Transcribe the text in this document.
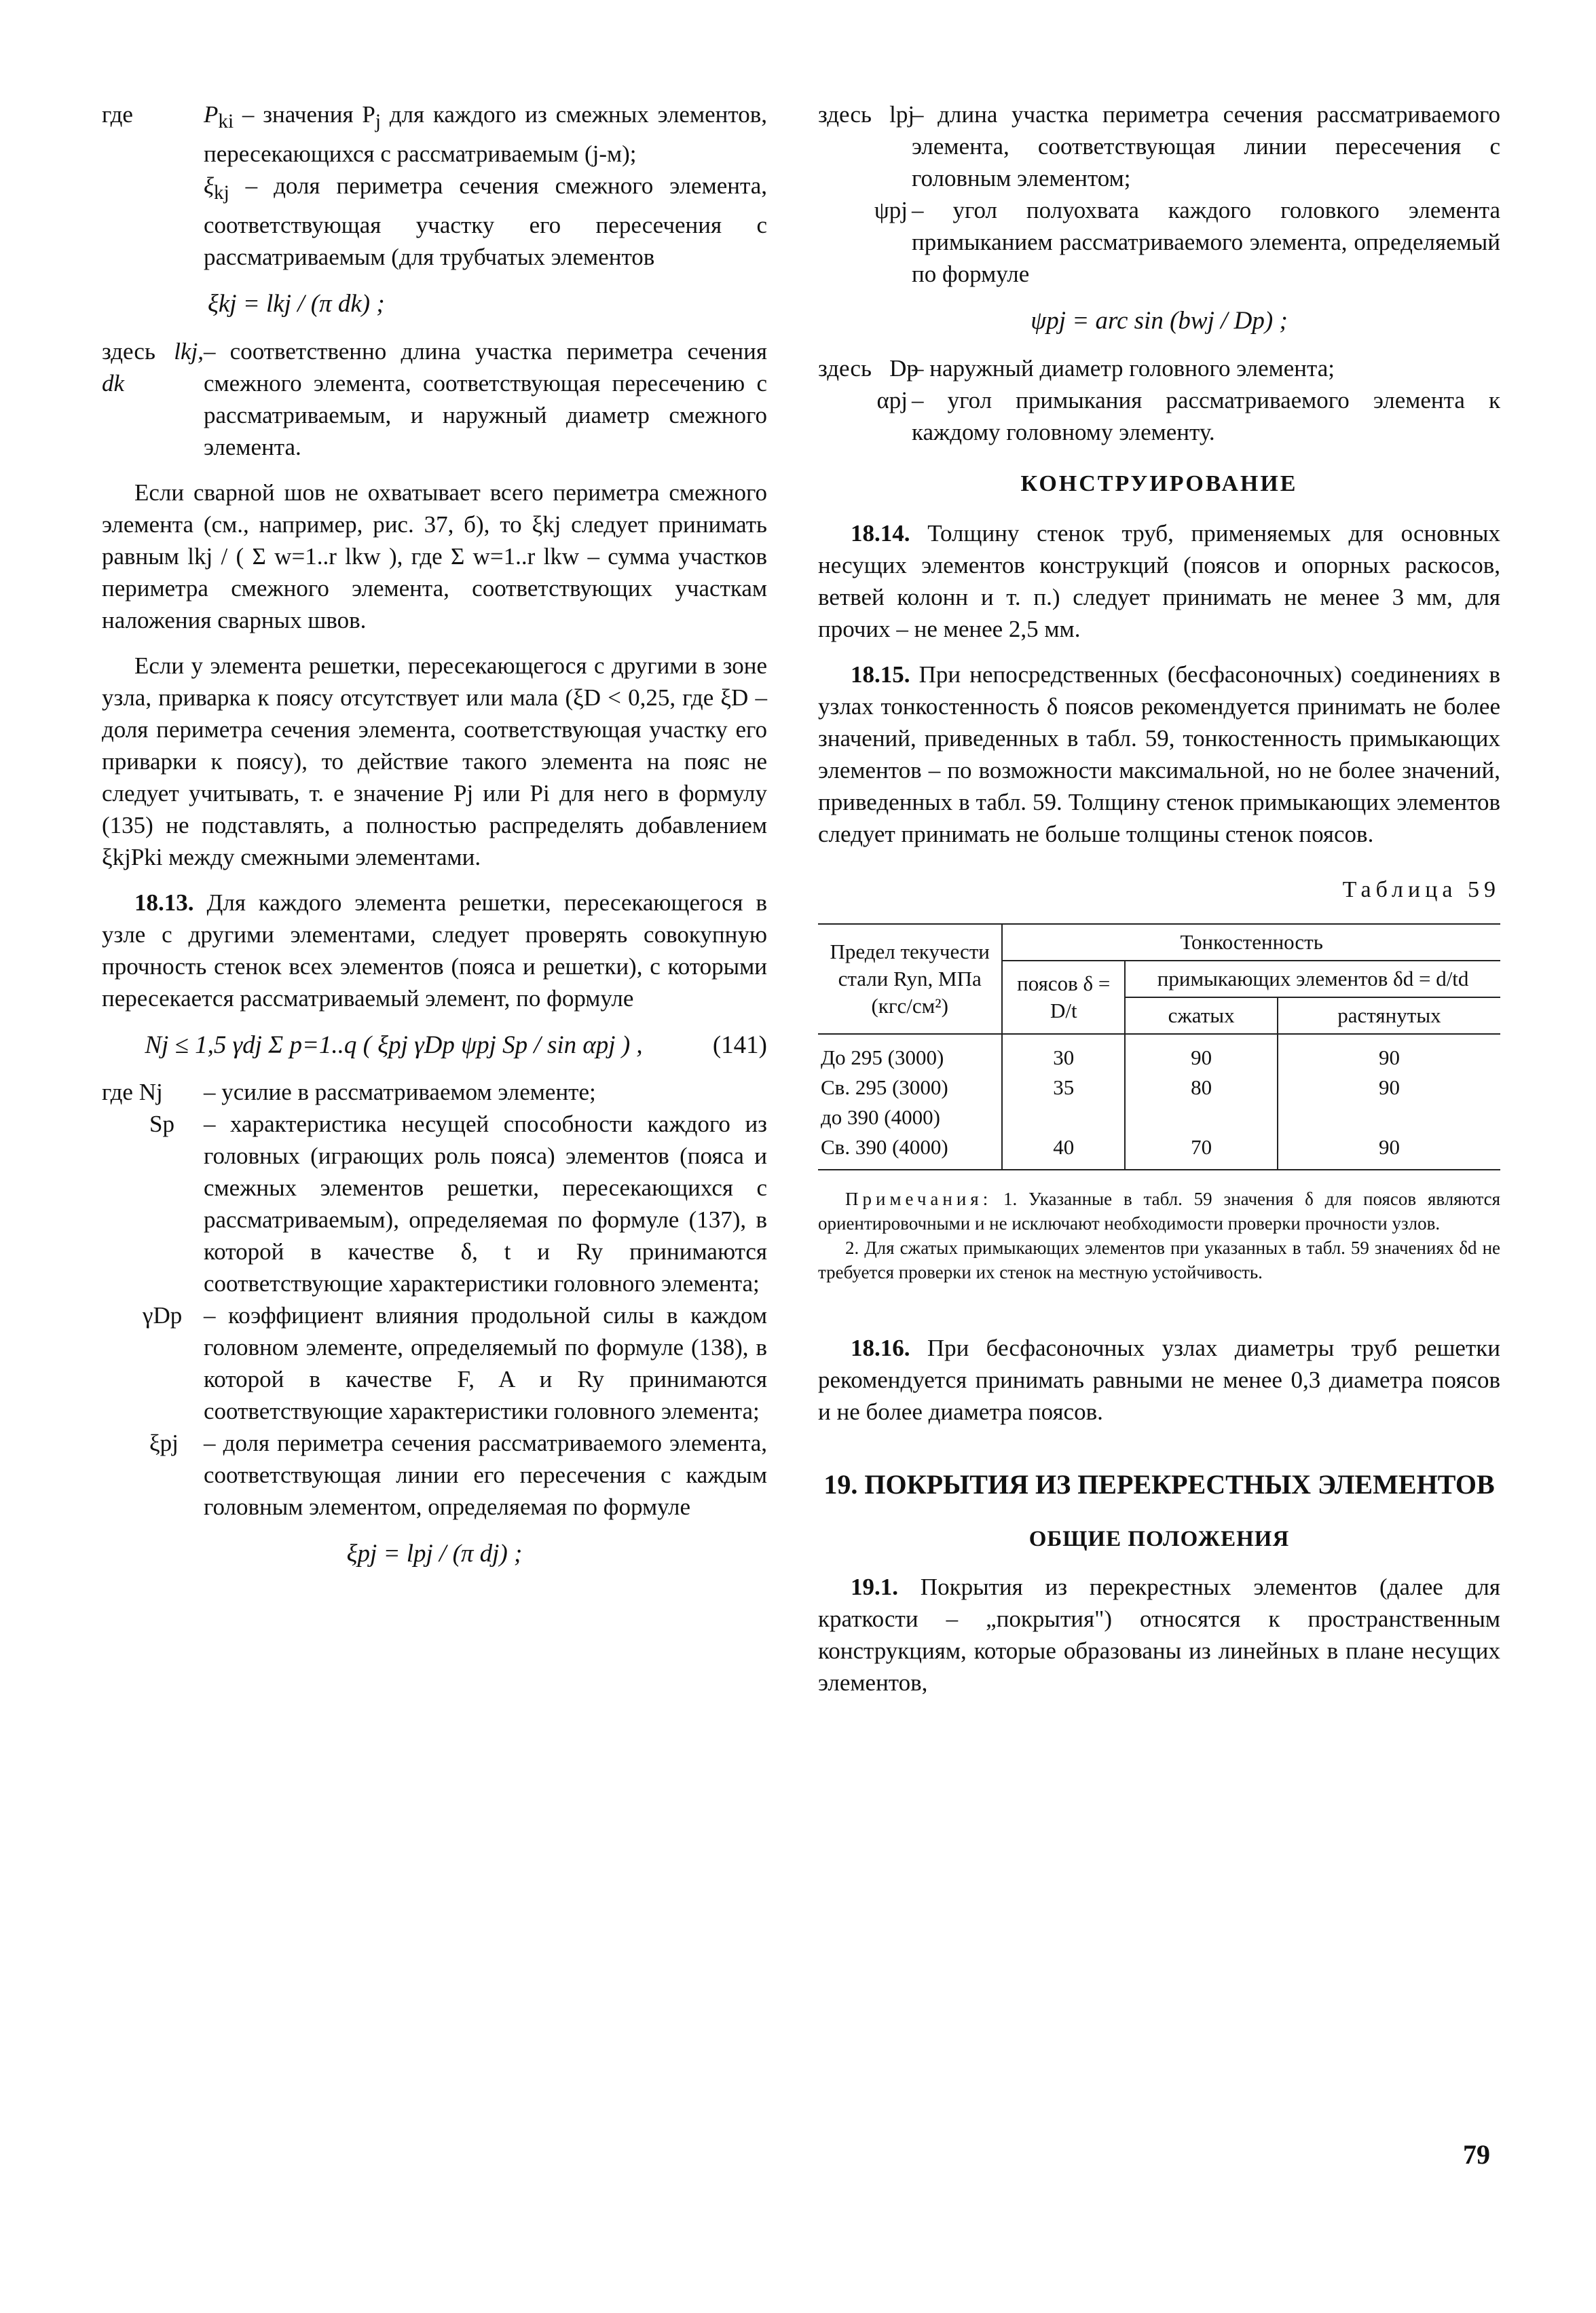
где	$P_{ki}$ – значения $P_j$ для каждого из смежных элементов, пересекающихся с рассматриваемым (j-м);
$\xi_{kj}$ – доля периметра сечения смежного элемента, соответствующая участку его пересечения с рассматриваемым (для трубчатых элементов
ξkj = lkj / (π dk) ;
здесь lkj, dk
– соответственно длина участка периметра сечения смежного элемента, соответствующая пересечению с рассматриваемым, и наружный диаметр смежного элемента.

Если сварной шов не охватывает всего периметра смежного элемента (см., например, рис. 37, б), то ξkj следует принимать равным lkj / ( Σ w=1..r lkw ), где Σ w=1..r lkw – сумма участков периметра смежного элемента, соответствующих участкам наложения сварных швов.

Если у элемента решетки, пересекающегося с другими в зоне узла, приварка к поясу отсутствует или мала (ξD < 0,25, где ξD – доля периметра сечения элемента, соответствующая участку его приварки к поясу), то действие такого элемента на пояс не следует учитывать, т. е значение Pj или Pi для него в формулу (135) не подставлять, а полностью распределять добавлением ξkjPki между смежными элементами.

18.13. Для каждого элемента решетки, пересекающегося в узле с другими элементами, следует проверять совокупную прочность стенок всех элементов (пояса и решетки), с которыми пересекается рассматриваемый элемент, по формуле

Nj ≤ 1,5 γdj Σ p=1..q ( ξpj γDp ψpj Sp / sin αpj ) ,	(141)
где Nj	– усилие в рассматриваемом элементе;
Sp	– характеристика несущей способности каждого из головных (играющих роль пояса) элементов (пояса и смежных элементов решетки, пересекающихся с рассматриваемым), определяемая по формуле (137), в которой в качестве δ, t и Ry принимаются соответствующие характеристики головного элемента;
γDp – коэффициент влияния продольной силы в каждом головном элементе, определяемый по формуле (138), в которой в качестве F, A и Ry принимаются соответствующие характеристики головного элемента;
ξpj	– доля периметра сечения рассматриваемого элемента, соответствующая линии его пересечения с каждым головным элементом, определяемая по формуле
ξpj = lpj / (π dj) ;
здесь lpj
– длина участка периметра сечения рассматриваемого элемента, соответствующая линии пересечения с головным элементом;
ψpj – угол полуохвата каждого головкого элемента примыканием рассматриваемого элемента, определяемый по формуле
ψpj = arc sin (bwj / Dp) ;
здесь Dp
– наружный диаметр головного элемента;
αpj – угол примыкания рассматриваемого элемента к каждому головному элементу.
КОНСТРУИРОВАНИЕ

18.14. Толщину стенок труб, применяемых для основных несущих элементов конструкций (поясов и опорных раскосов, ветвей колонн и т. п.) следует принимать не менее 3 мм, для прочих – не менее 2,5 мм.

18.15. При непосредственных (бесфасоночных) соединениях в узлах тонкостенность δ поясов рекомендуется принимать не более значений, приведенных в табл. 59, тонкостенность примыкающих элементов – по возможности максимальной, но не более значений, приведенных в табл. 59. Толщину стенок примыкающих элементов следует принимать не больше толщины стенок поясов.

Таблица 59
Предел текучести стали Ryn, МПа (кгс/см²)	Тонкостенность		
	поясов δ = D/t	примыкающих элементов δd = d/td	
		сжатых	растянутых
До 295 (3000)	30	90	90
Св. 295 (3000)	35	80	90
до 390 (4000)			
Св. 390 (4000)	40	70	90
Примечания: 1. Указанные в табл. 59 значения δ для поясов являются ориентировочными и не исключают необходимости проверки прочности узлов.
2. Для сжатых примыкающих элементов при указанных в табл. 59 значениях δd не требуется проверки их стенок на местную устойчивость.

18.16. При бесфасоночных узлах диаметры труб решетки рекомендуется принимать равными не менее 0,3 диаметра поясов и не более диаметра поясов.

19. ПОКРЫТИЯ ИЗ ПЕРЕКРЕСТНЫХ ЭЛЕМЕНТОВ
ОБЩИЕ ПОЛОЖЕНИЯ

19.1. Покрытия из перекрестных элементов (далее для краткости – „покрытия") относятся к пространственным конструкциям, которые образованы из линейных в плане несущих элементов,

79
